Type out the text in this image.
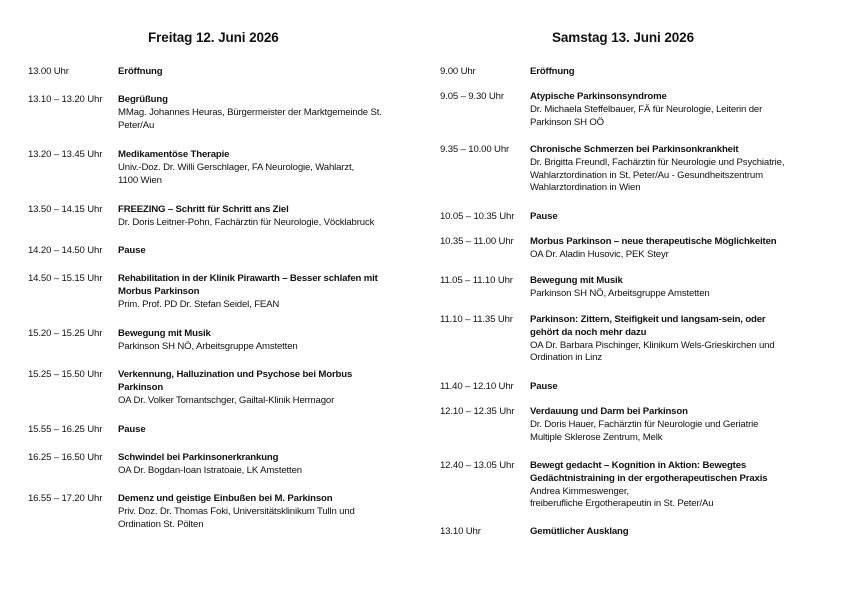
Freitag 12. Juni 2026
13.00 Uhr	Eröffnung
13.10 – 13.20 Uhr Begrüßung
MMag. Johannes Heuras, Bürgermeister der Marktgemeinde St.
Peter/Au
13.20 – 13.45 Uhr Medikamentöse Therapie
Univ.-Doz. Dr. Willi Gerschlager, FA Neurologie, Wahlarzt,
1100 Wien
13.50 – 14.15 Uhr FREEZING – Schritt für Schritt ans Ziel
Dr. Doris Leitner-Pohn, Fachärztin für Neurologie, Vöcklabruck
14.20 – 14.50 Uhr Pause
14.50 – 15.15 Uhr Rehabilitation in der Klinik Pirawarth – Besser schlafen mit
Morbus Parkinson
Prim. Prof. PD Dr. Stefan Seidel, FEAN
15.20 – 15.25 Uhr Bewegung mit Musik
Parkinson SH NÖ, Arbeitsgruppe Amstetten
15.25 – 15.50 Uhr Verkennung, Halluzination und Psychose bei Morbus
Parkinson
OA Dr. Volker Tomantschger, Gailtal-Klinik Hermagor
15.55 – 16.25 Uhr Pause
16.25 – 16.50 Uhr Schwindel bei Parkinsonerkrankung
OA Dr. Bogdan-Ioan Istratoaie, LK Amstetten
16.55 – 17.20 Uhr Demenz und geistige Einbußen bei M. Parkinson
Priv. Doz. Dr. Thomas Foki, Universitätsklinikum Tulln und
Ordination St. Pölten
Samstag 13. Juni 2026
9.00 Uhr	Eröffnung
9.05 – 9.30 Uhr	Atypische Parkinsonsyndrome
Dr. Michaela Steffelbauer, FÄ für Neurologie, Leiterin der
Parkinson SH OÖ
9.35 – 10.00 Uhr Chronische Schmerzen bei Parkinsonkrankheit
Dr. Brigitta Freundl, Fachärztin für Neurologie und Psychiatrie,
Wahlarztordination in St. Peter/Au - Gesundheitszentrum
Wahlarztordination in Wien
10.05 – 10.35 Uhr Pause
10.35 – 11.00 Uhr Morbus Parkinson – neue therapeutische Möglichkeiten
OA Dr. Aladin Husovic, PEK Steyr
11.05 – 11.10 Uhr Bewegung mit Musik
Parkinson SH NÖ, Arbeitsgruppe Amstetten
11.10 – 11.35 Uhr Parkinson: Zittern, Steifigkeit und langsam-sein, oder
gehört da noch mehr dazu
OA Dr. Barbara Pischinger, Klinikum Wels-Grieskirchen und
Ordination in Linz
11.40 – 12.10 Uhr Pause
12.10 – 12.35 Uhr Verdauung und Darm bei Parkinson
Dr. Doris Hauer, Fachärztin für Neurologie und Geriatrie
Multiple Sklerose Zentrum, Melk
12.40 – 13.05 Uhr Bewegt gedacht – Kognition in Aktion: Bewegtes
Gedächtnistraining in der ergotherapeutischen Praxis
Andrea Kimmeswenger,
freiberufliche Ergotherapeutin in St. Peter/Au
13.10 Uhr	Gemütlicher Ausklang
